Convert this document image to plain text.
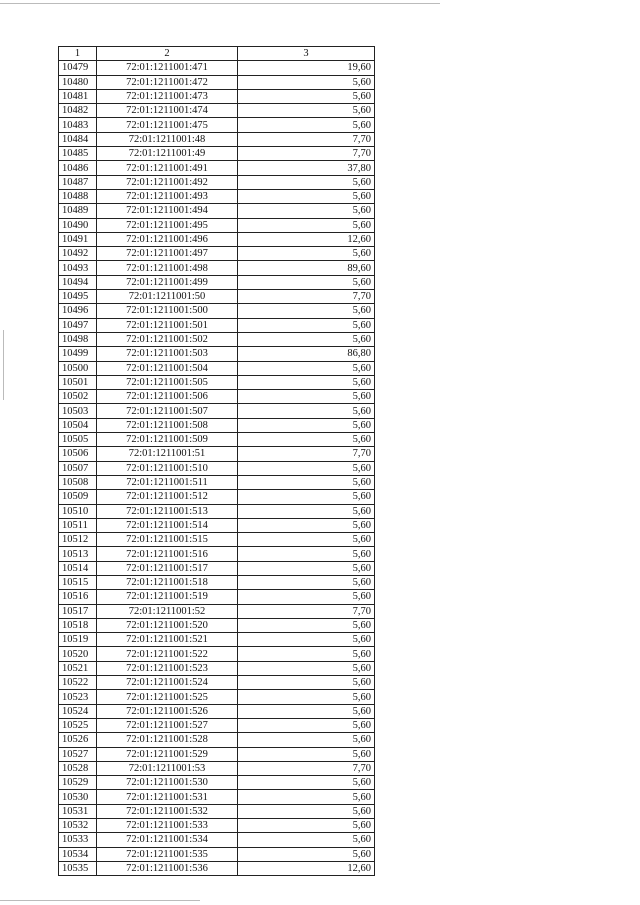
1	2	3
10479	72:01:1211001:471	19,60
10480	72:01:1211001:472	5,60
10481	72:01:1211001:473	5,60
10482	72:01:1211001:474	5,60
10483	72:01:1211001:475	5,60
10484	72:01:1211001:48	7,70
10485	72:01:1211001:49	7,70
10486	72:01:1211001:491	37,80
10487	72:01:1211001:492	5,60
10488	72:01:1211001:493	5,60
10489	72:01:1211001:494	5,60
10490	72:01:1211001:495	5,60
10491	72:01:1211001:496	12,60
10492	72:01:1211001:497	5,60
10493	72:01:1211001:498	89,60
10494	72:01:1211001:499	5,60
10495	72:01:1211001:50	7,70
10496	72:01:1211001:500	5,60
10497	72:01:1211001:501	5,60
10498	72:01:1211001:502	5,60
10499	72:01:1211001:503	86,80
10500	72:01:1211001:504	5,60
10501	72:01:1211001:505	5,60
10502	72:01:1211001:506	5,60
10503	72:01:1211001:507	5,60
10504	72:01:1211001:508	5,60
10505	72:01:1211001:509	5,60
10506	72:01:1211001:51	7,70
10507	72:01:1211001:510	5,60
10508	72:01:1211001:511	5,60
10509	72:01:1211001:512	5,60
10510	72:01:1211001:513	5,60
10511	72:01:1211001:514	5,60
10512	72:01:1211001:515	5,60
10513	72:01:1211001:516	5,60
10514	72:01:1211001:517	5,60
10515	72:01:1211001:518	5,60
10516	72:01:1211001:519	5,60
10517	72:01:1211001:52	7,70
10518	72:01:1211001:520	5,60
10519	72:01:1211001:521	5,60
10520	72:01:1211001:522	5,60
10521	72:01:1211001:523	5,60
10522	72:01:1211001:524	5,60
10523	72:01:1211001:525	5,60
10524	72:01:1211001:526	5,60
10525	72:01:1211001:527	5,60
10526	72:01:1211001:528	5,60
10527	72:01:1211001:529	5,60
10528	72:01:1211001:53	7,70
10529	72:01:1211001:530	5,60
10530	72:01:1211001:531	5,60
10531	72:01:1211001:532	5,60
10532	72:01:1211001:533	5,60
10533	72:01:1211001:534	5,60
10534	72:01:1211001:535	5,60
10535	72:01:1211001:536	12,60
